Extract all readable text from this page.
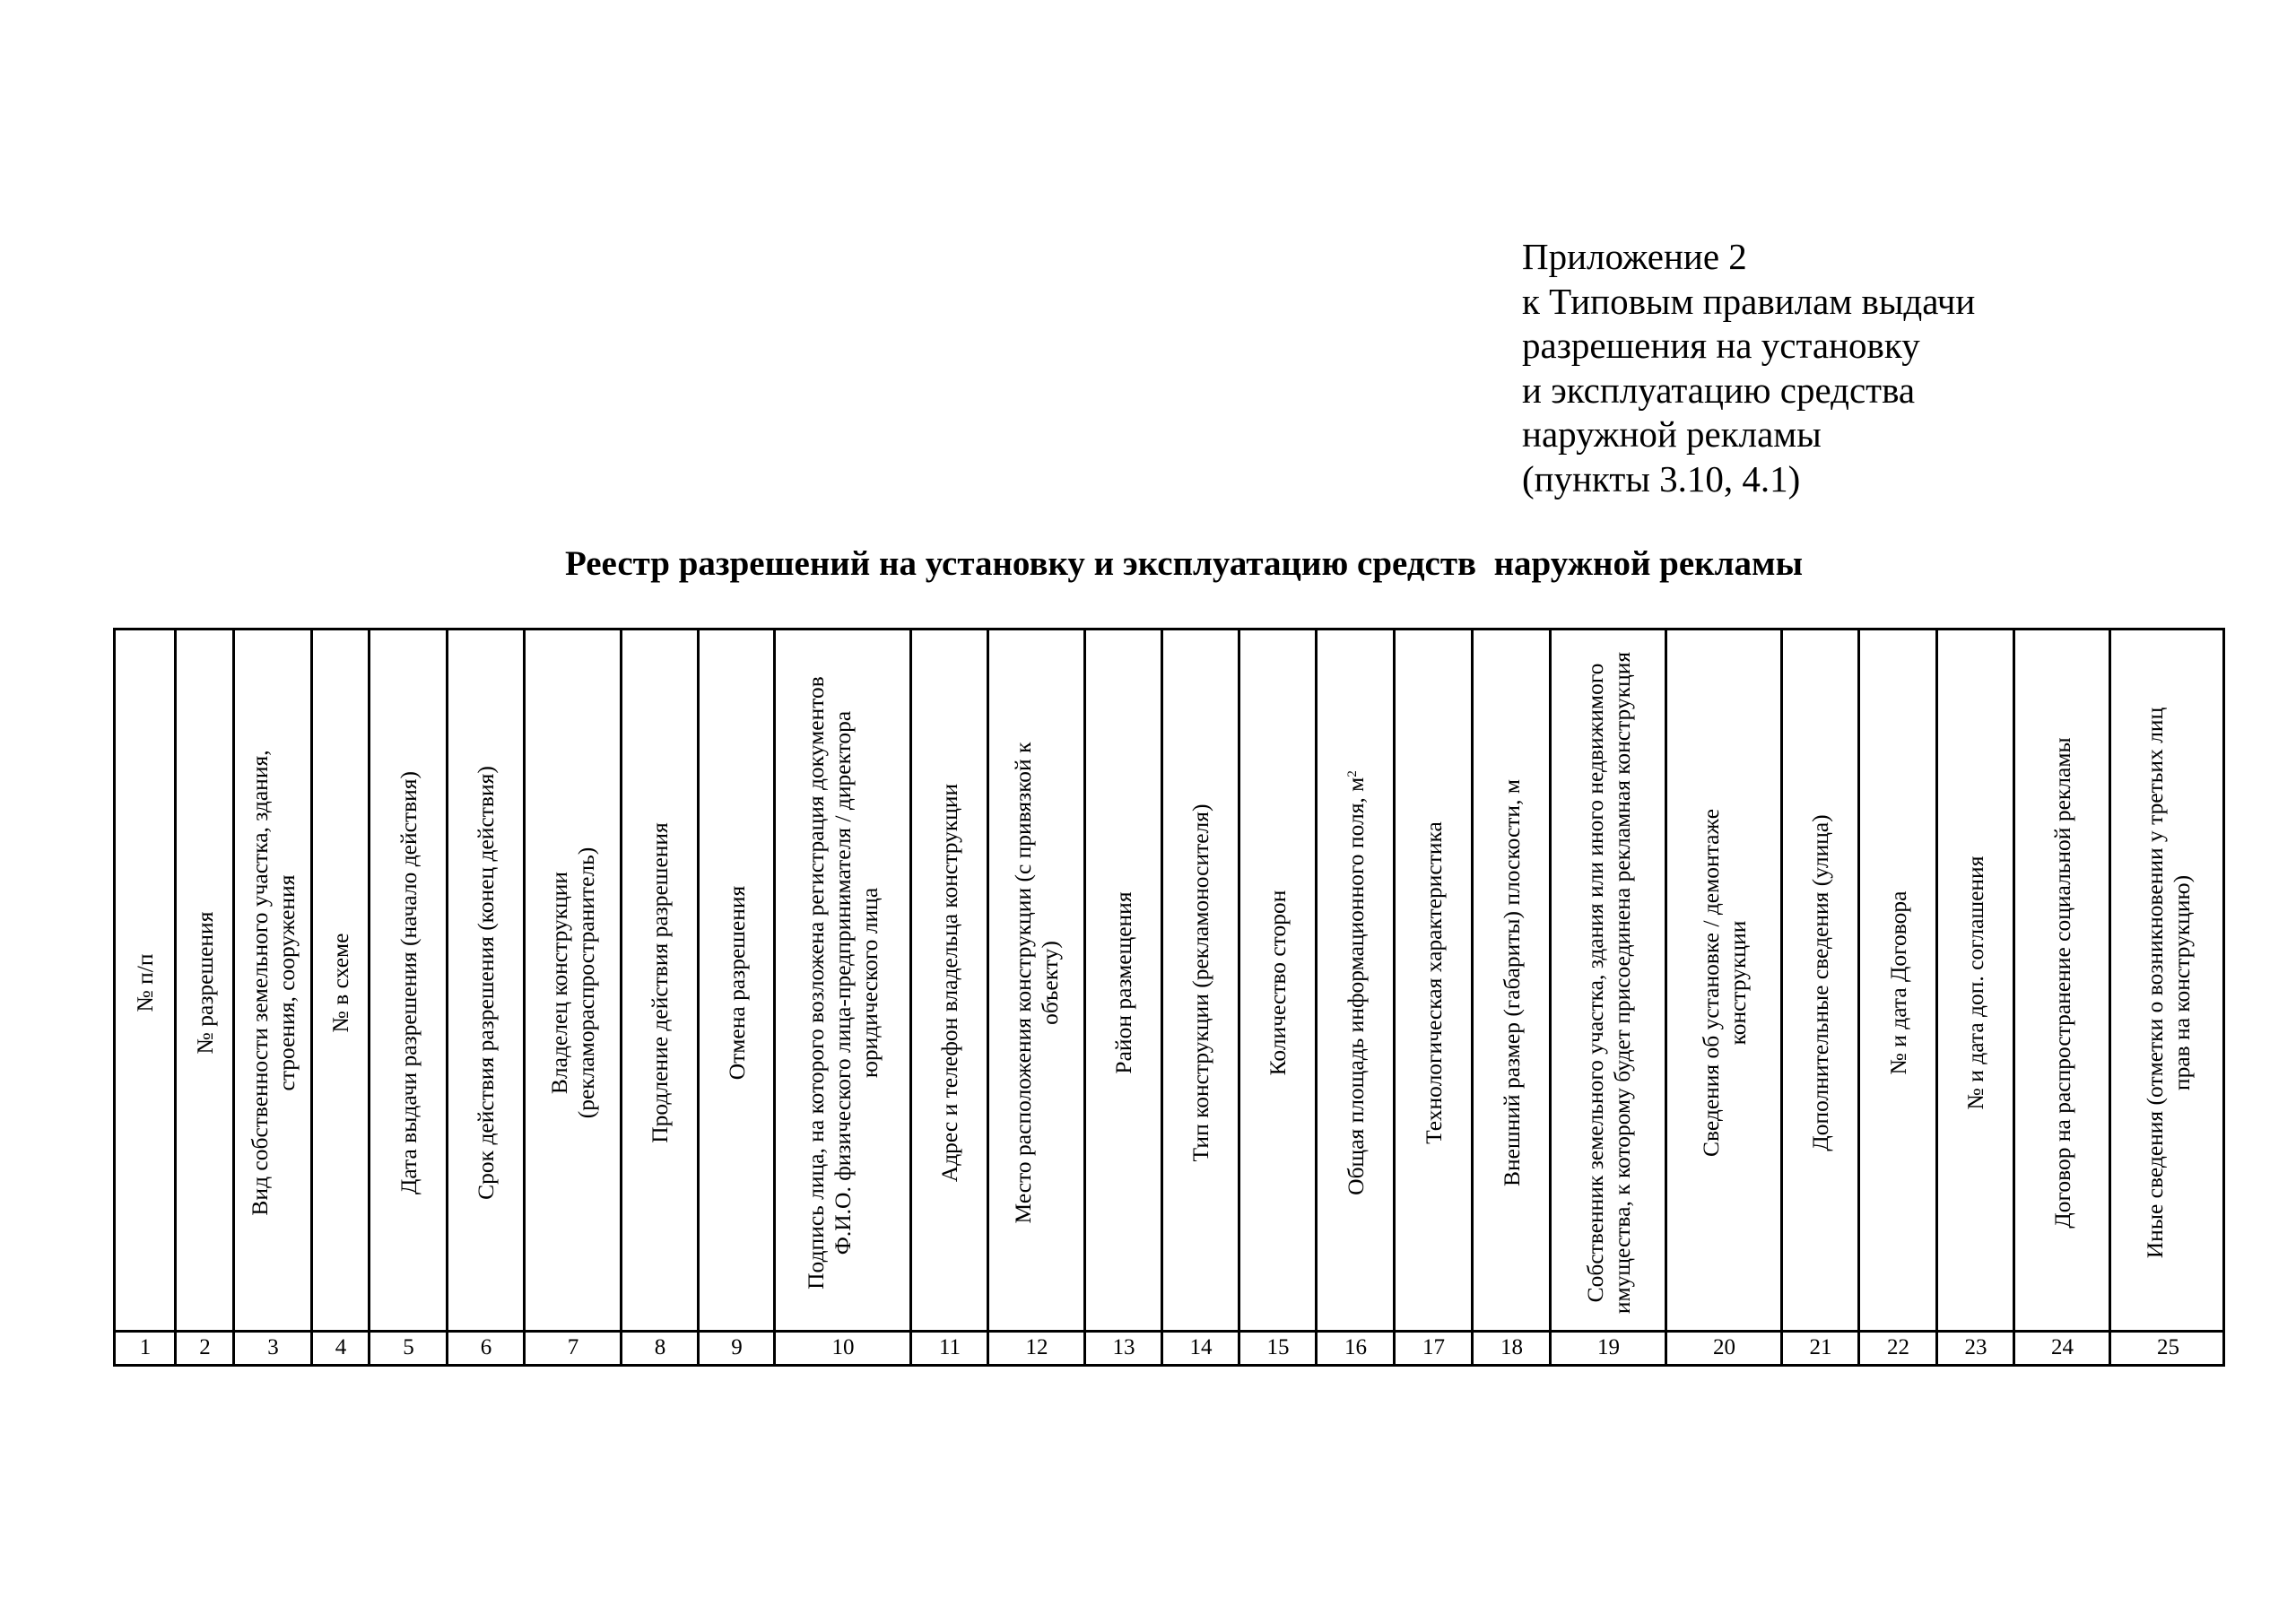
Приложение 2
к Типовым правилам выдачи
разрешения на установку
и эксплуатацию средства
наружной рекламы
(пункты 3.10, 4.1)
Реестр разрешений на установку и эксплуатацию средств  наружной рекламы
№ п/п
1
№ разрешения
2
Вид собственности земельного участка, здания, строения, сооружения
3
№ в схеме
4
Дата выдачи разрешения (начало действия)
5
Срок действия разрешения (конец действия)
6
Владелец конструкции (рекламораспространитель)
7
Продление действия разрешения
8
Отмена разрешения
9
Подпись лица, на которого возложена регистрация документов Ф.И.О. физического лица-предпринимателя / директора юридического лица
10
Адрес и телефон владельца конструкции
11
Место расположения конструкции (с привязкой к объекту)
12
Район размещения
13
Тип конструкции (рекламоносителя)
14
Количество сторон
15
Общая площадь информационного поля, $м^2$
16
Технологическая характеристика
17
Внешний размер (габариты) плоскости, м
18
Собственник земельного участка, здания или иного недвижимого имущества, к которому будет присоединена рекламная конструкция
19
Сведения об установке / демонтаже конструкции
20
Дополнительные сведения (улица)
21
№ и дата Договора
22
№ и дата доп. соглашения
23
Договор на распространение социальной рекламы
24
Иные сведения (отметки о возникновении у третьих лиц прав на конструкцию)
25
